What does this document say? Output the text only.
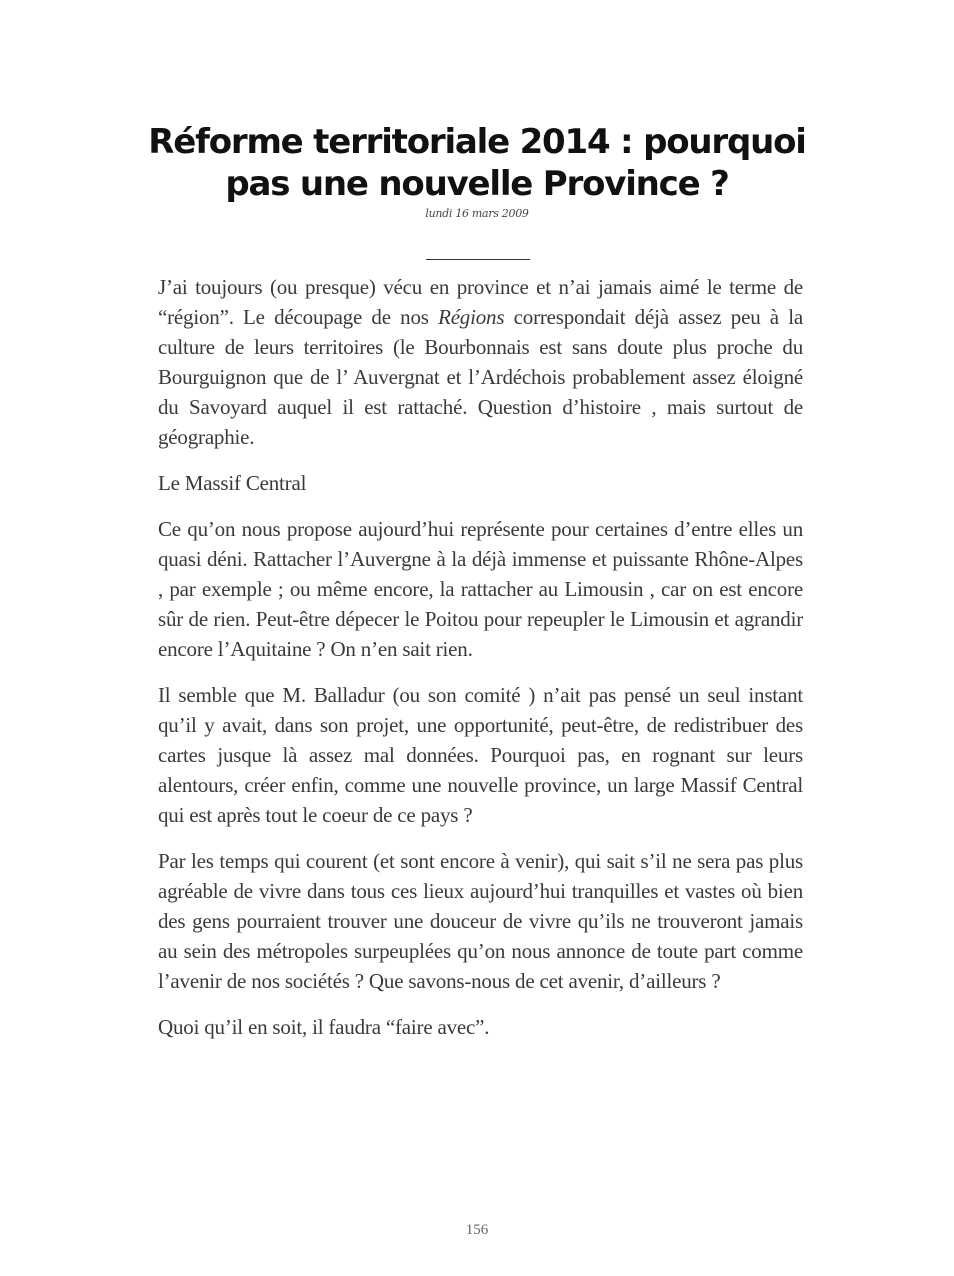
Réforme territoriale 2014 : pourquoi pas une nouvelle Province ?
lundi 16 mars 2009

J’ai toujours (ou presque) vécu en province et n’ai jamais aimé le terme de “région”. Le découpage de nos Régions correspondait déjà assez peu à la culture de leurs territoires (le Bourbonnais est sans doute plus proche du Bourguignon que de l’ Auvergnat et l’Ardéchois probablement assez éloigné du Savoyard auquel il est rattaché. Question d’histoire , mais surtout de géographie.

Le Massif Central

Ce qu’on nous propose aujourd’hui représente pour certaines d’entre elles un quasi déni. Rattacher l’Auvergne à la déjà immense et puissante Rhône-Alpes , par exemple ; ou même encore, la rattacher au Limousin , car on est encore sûr de rien. Peut-être dépecer le Poitou pour repeupler le Limousin et agrandir encore l’Aquitaine ? On n’en sait rien.

Il semble que M. Balladur (ou son comité ) n’ait pas pensé un seul instant qu’il y avait, dans son projet, une opportunité, peut-être, de redistribuer des cartes jusque là assez mal données. Pourquoi pas, en rognant sur leurs alentours, créer enfin, comme une nouvelle province, un large Massif Central qui est après tout le coeur de ce pays ?

Par les temps qui courent (et sont encore à venir), qui sait s’il ne sera pas plus agréable de vivre dans tous ces lieux aujourd’hui tranquilles et vastes où bien des gens pourraient trouver une douceur de vivre qu’ils ne trouveront jamais au sein des métropoles surpeuplées qu’on nous annonce de toute part comme l’avenir de nos sociétés ? Que savons-nous de cet avenir, d’ailleurs ?

Quoi qu’il en soit, il faudra “faire avec”.

156
